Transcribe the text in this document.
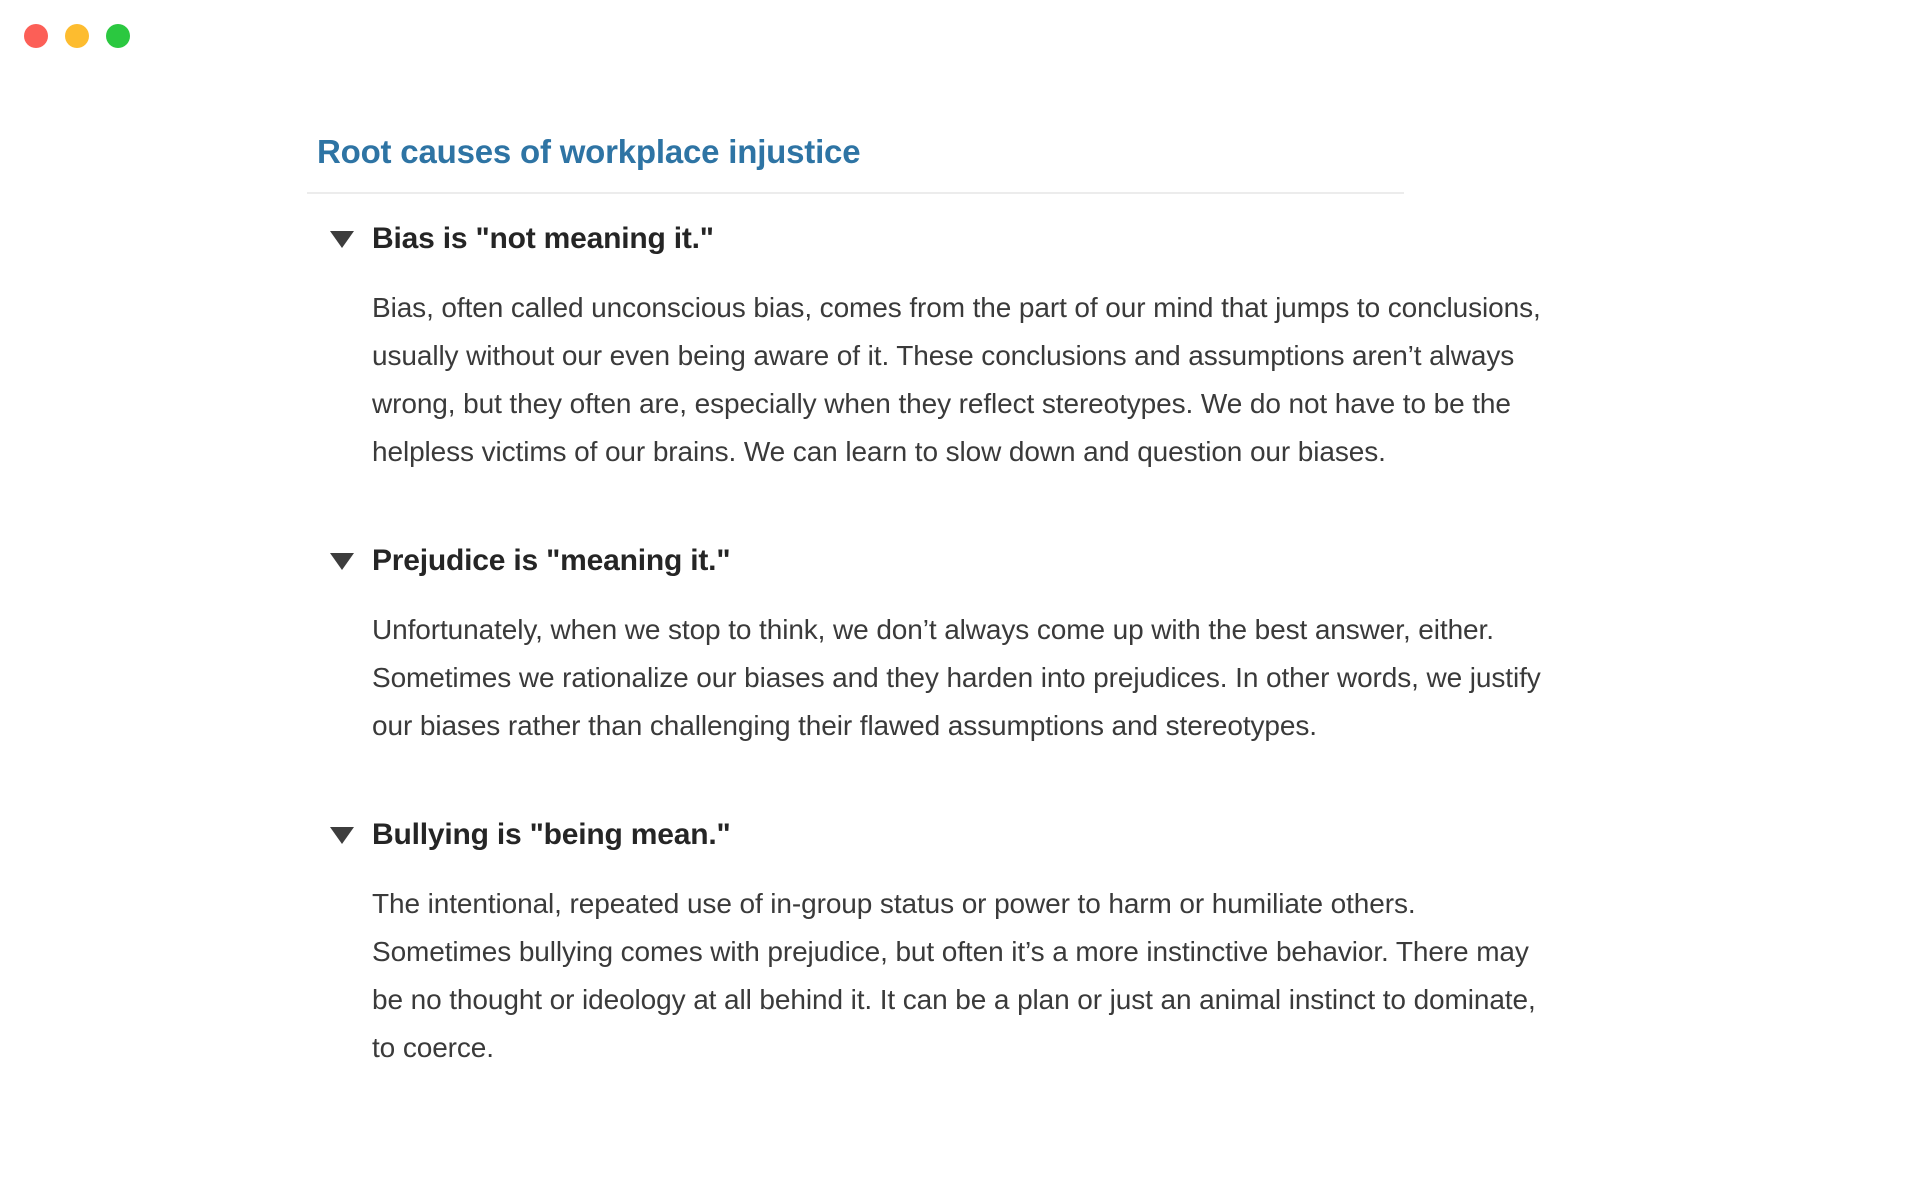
Root causes of workplace injustice
Bias is "not meaning it."
Bias, often called unconscious bias, comes from the part of our mind that jumps to conclusions,
usually without our even being aware of it. These conclusions and assumptions aren’t always
wrong, but they often are, especially when they reflect stereotypes. We do not have to be the
helpless victims of our brains. We can learn to slow down and question our biases.
Prejudice is "meaning it."
Unfortunately, when we stop to think, we don’t always come up with the best answer, either.
Sometimes we rationalize our biases and they harden into prejudices. In other words, we justify
our biases rather than challenging their flawed assumptions and stereotypes.
Bullying is "being mean."
The intentional, repeated use of in-group status or power to harm or humiliate others.
Sometimes bullying comes with prejudice, but often it’s a more instinctive behavior. There may
be no thought or ideology at all behind it. It can be a plan or just an animal instinct to dominate,
to coerce.
